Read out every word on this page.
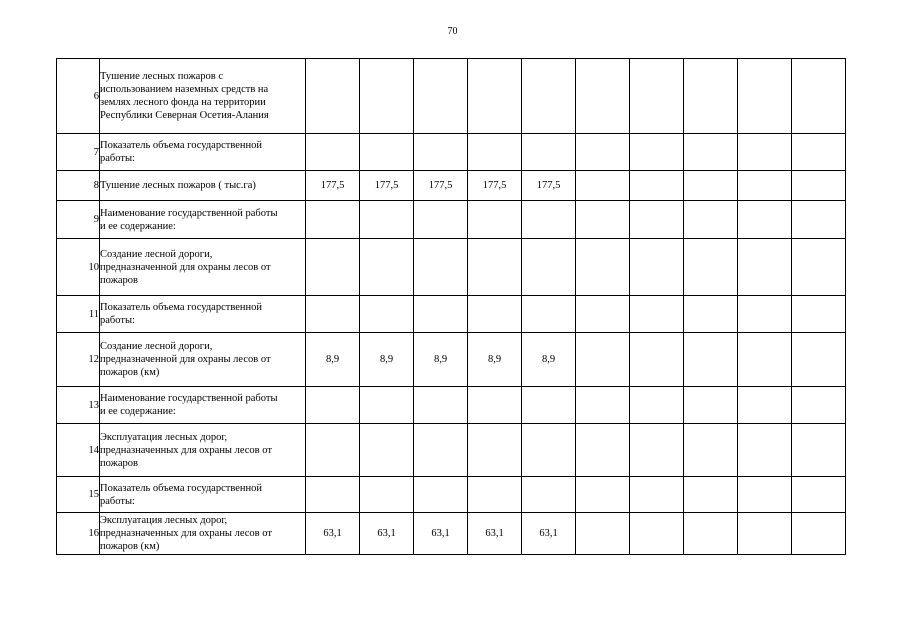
70
6	Тушение лесных пожаров с
использованием наземных средств на
землях лесного фонда на территории
Республики Северная Осетия-Алания										

7	Показатель объема государственной
работы:										

8	Тушение лесных пожаров ( тыс.га)	177,5	177,5	177,5	177,5	177,5					
9	Наименование государственной работы
и ее содержание:										

10	Создание лесной дороги,
предназначенной для охраны лесов от
пожаров										

11	Показатель объема государственной
работы:										

12	Создание лесной дороги,
предназначенной для охраны лесов от
пожаров (км)	8,9	8,9	8,9	8,9	8,9					
13	Наименование государственной работы
и ее содержание:										

14	Эксплуатация лесных дорог,
предназначенных для охраны лесов от
пожаров										

15	Показатель объема государственной
работы:										

16	Эксплуатация лесных дорог,
предназначенных для охраны лесов от
пожаров (км)	63,1	63,1	63,1	63,1	63,1					
